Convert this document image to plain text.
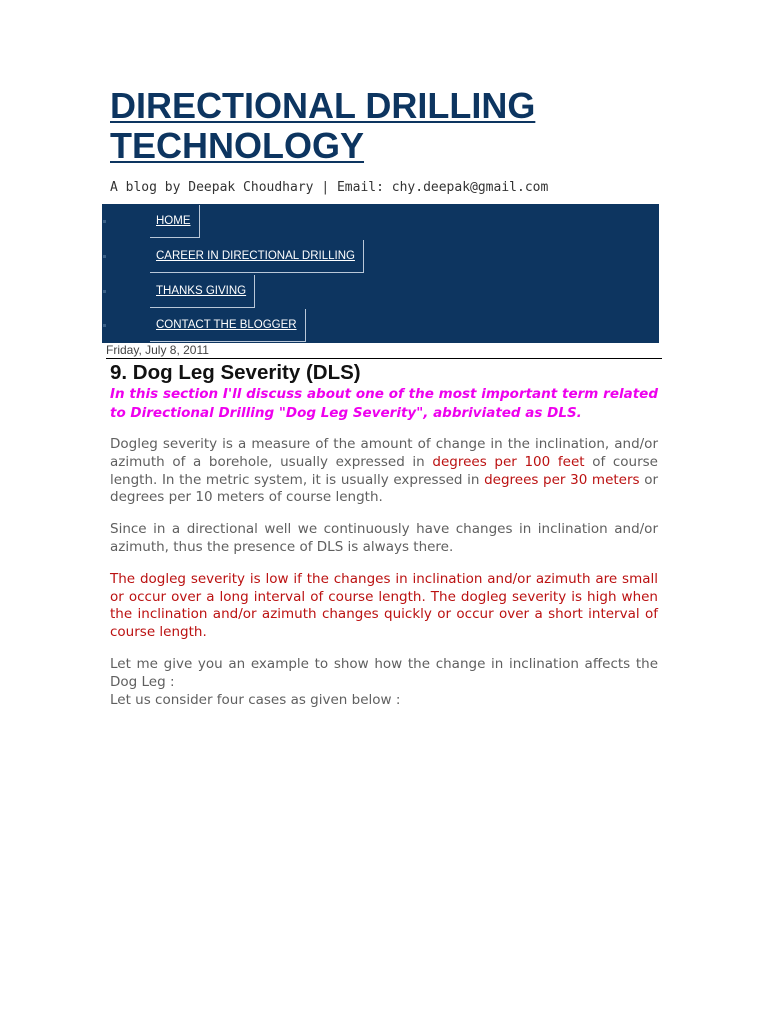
DIRECTIONAL DRILLING TECHNOLOGY
A blog by Deepak Choudhary | Email: chy.deepak@gmail.com
HOME
CAREER IN DIRECTIONAL DRILLING
THANKS GIVING
CONTACT THE BLOGGER
Friday, July 8, 2011
9. Dog Leg Severity (DLS)

In this section I'll discuss about one of the most important term related to Directional Drilling "Dog Leg Severity", abbriviated as DLS.

Dogleg severity is a measure of the amount of change in the inclination, and/or azimuth of a borehole, usually expressed in degrees per 100 feet of course length. In the metric system, it is usually expressed in degrees per 30 meters or degrees per 10 meters of course length.

Since in a directional well we continuously have changes in inclination and/or azimuth, thus the presence of DLS is always there.

The dogleg severity is low if the changes in inclination and/or azimuth are small or occur over a long interval of course length. The dogleg severity is high when the inclination and/or azimuth changes quickly or occur over a short interval of course length.

Let me give you an example to show how the change in inclination affects the Dog Leg :

Let us consider four cases as given below :
